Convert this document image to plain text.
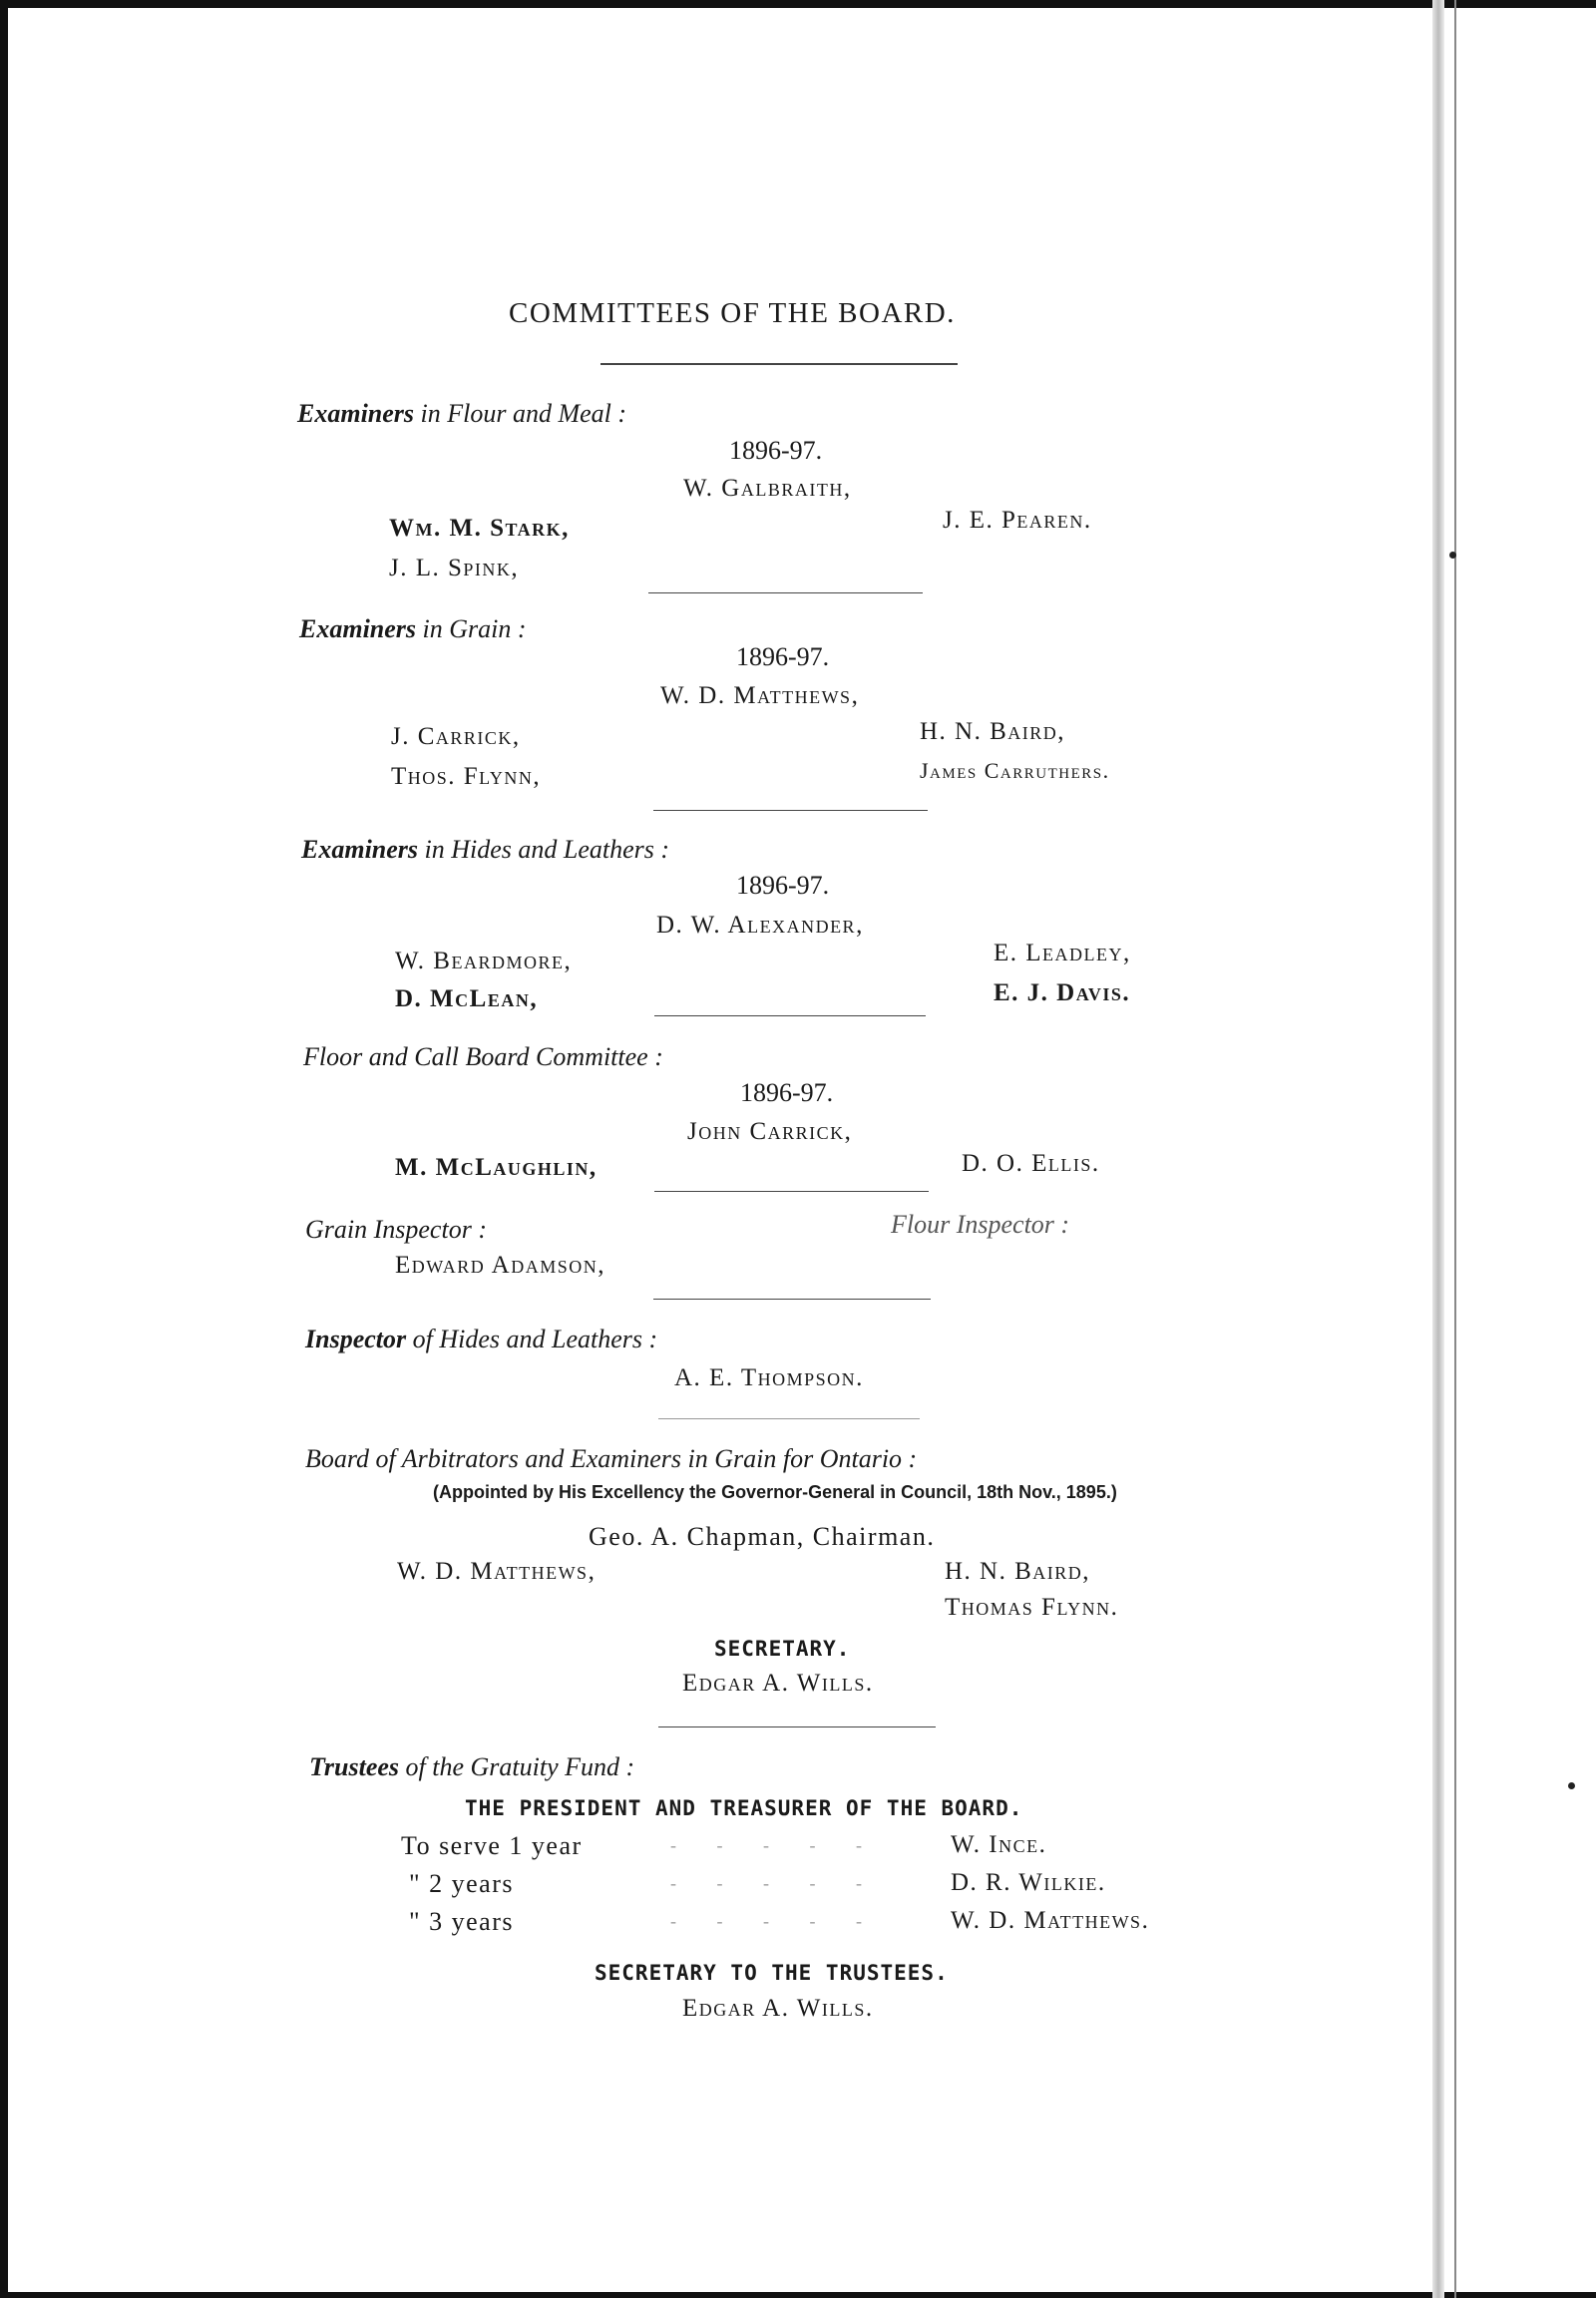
COMMITTEES OF THE BOARD.
Examiners in Flour and Meal :
1896-97.
W. Galbraith,
Wm. M. Stark,
J. L. Spink,
J. E. Pearen.
Examiners in Grain :
1896-97.
W. D. Matthews,
J. Carrick,
Thos. Flynn,
H. N. Baird,
James Carruthers.
Examiners in Hides and Leathers :
1896-97.
D. W. Alexander,
W. Beardmore,
D. McLean,
E. Leadley,
E. J. Davis.
Floor and Call Board Committee :
1896-97.
John Carrick,
M. McLaughlin,	D. O. Ellis.
Grain Inspector :
Edward Adamson,
Flour Inspector :
Inspector of Hides and Leathers :
A. E. Thompson.
Board of Arbitrators and Examiners in Grain for Ontario :
(Appointed by His Excellency the Governor-General in Council, 18th Nov., 1895.)
Geo. A. Chapman, Chairman.
W. D. Matthews,	H. N. Baird,
Thomas Flynn.
SECRETARY.
Edgar A. Wills.
Trustees of the Gratuity Fund :
THE PRESIDENT AND TREASURER OF THE BOARD.
To serve 1 year	- - - - -	W. Ince.
" 2 years	- - - - -	D. R. Wilkie.
" 3 years	- - - - -	W. D. Matthews.
SECRETARY TO THE TRUSTEES.
Edgar A. Wills.
